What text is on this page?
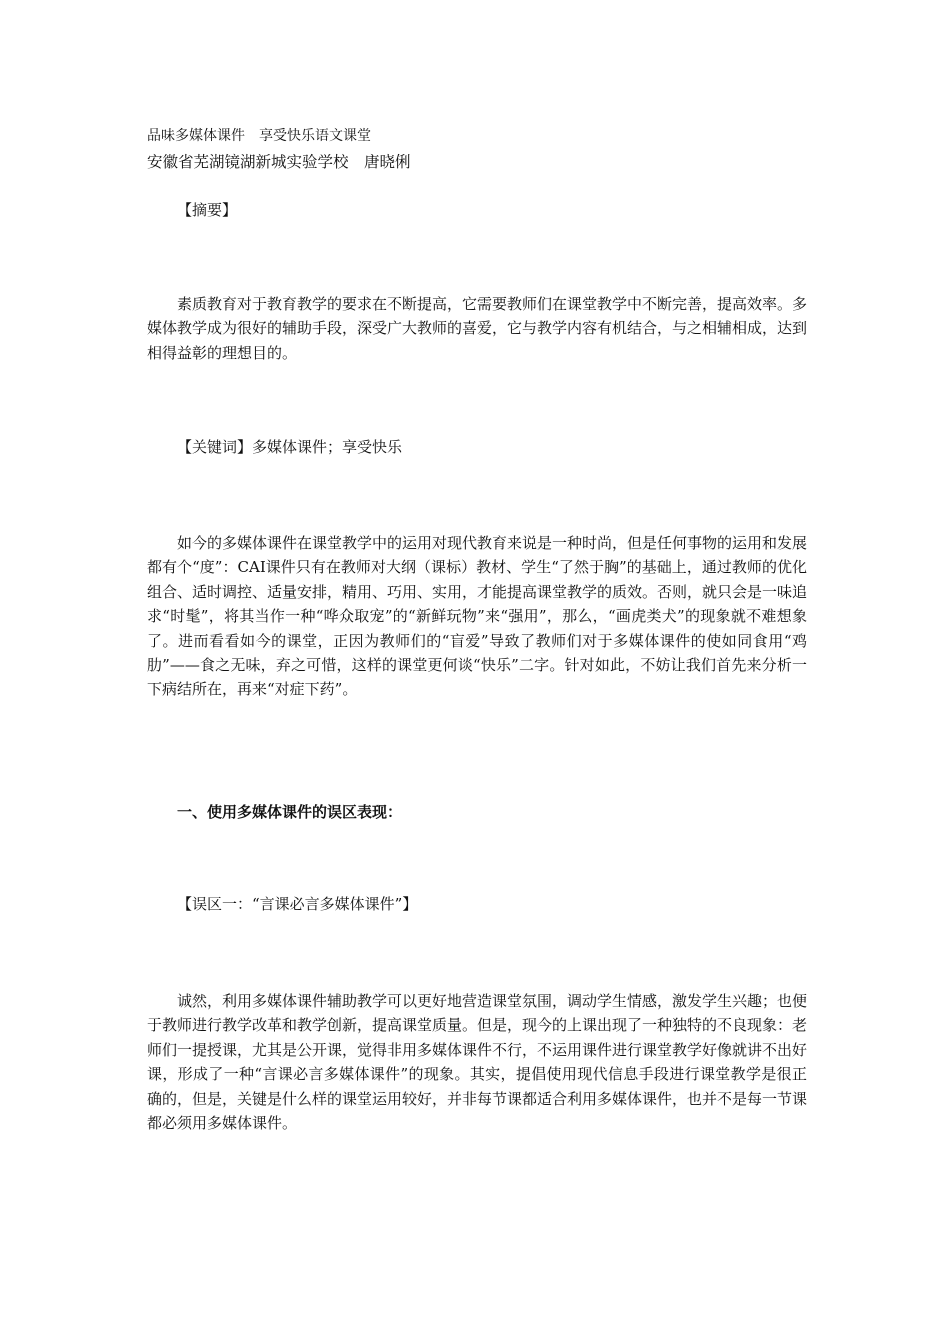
品味多媒体课件　享受快乐语文课堂

安徽省芜湖镜湖新城实验学校　唐晓俐

【摘要】

素质教育对于教育教学的要求在不断提高，它需要教师们在课堂教学中不断完善，提高效率。多媒体教学成为很好的辅助手段，深受广大教师的喜爱，它与教学内容有机结合，与之相辅相成，达到相得益彰的理想目的。

【关键词】多媒体课件；享受快乐

如今的多媒体课件在课堂教学中的运用对现代教育来说是一种时尚，但是任何事物的运用和发展都有个“度”：CAI课件只有在教师对大纲（课标）教材、学生“了然于胸”的基础上，通过教师的优化组合、适时调控、适量安排，精用、巧用、实用，才能提高课堂教学的质效。否则，就只会是一味追求“时髦”，将其当作一种“哗众取宠”的“新鲜玩物”来“强用”，那么，“画虎类犬”的现象就不难想象了。进而看看如今的课堂，正因为教师们的“盲爱”导致了教师们对于多媒体课件的使如同食用“鸡肋”——食之无味，弃之可惜，这样的课堂更何谈“快乐”二字。针对如此，不妨让我们首先来分析一下病结所在，再来“对症下药”。

一、使用多媒体课件的误区表现：

【误区一：“言课必言多媒体课件”】

诚然，利用多媒体课件辅助教学可以更好地营造课堂氛围，调动学生情感，激发学生兴趣；也便于教师进行教学改革和教学创新，提高课堂质量。但是，现今的上课出现了一种独特的不良现象：老师们一提授课，尤其是公开课，觉得非用多媒体课件不行，不运用课件进行课堂教学好像就讲不出好课，形成了一种“言课必言多媒体课件”的现象。其实，提倡使用现代信息手段进行课堂教学是很正确的，但是，关键是什么样的课堂运用较好，并非每节课都适合利用多媒体课件，也并不是每一节课都必须用多媒体课件。
